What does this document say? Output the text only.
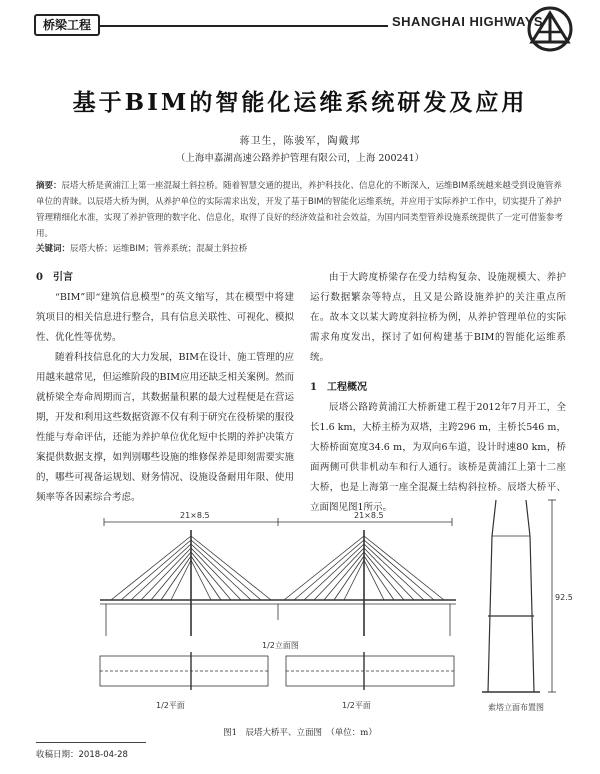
桥梁工程	SHANGHAI HIGHWAYS
基于BIM的智能化运维系统研发及应用
蒋卫生，陈骏军，陶戴邦
（上海申嘉湖高速公路养护管理有限公司，上海 200241）
摘要：辰塔大桥是黄浦江上第一座混凝土斜拉桥。随着智慧交通的提出，养护科技化、信息化的不断深入，运维BIM系统越来越受到设施管养单位的青睐。以辰塔大桥为例，从养护单位的实际需求出发，开发了基于BIM的智能化运维系统，并应用于实际养护工作中，切实提升了养护管理精细化水准，实现了养护管理的数字化、信息化，取得了良好的经济效益和社会效益，为国内同类型管养设施系统提供了一定可借鉴参考用。
关键词：辰塔大桥；运维BIM；管养系统；混凝土斜拉桥
0　引言

“BIM”即“建筑信息模型”的英文缩写，其在模型中将建筑项目的相关信息进行整合，具有信息关联性、可视化、模拟性、优化性等优势。

随着科技信息化的大力发展，BIM在设计、施工管理的应用越来越常见，但运维阶段的BIM应用还缺乏相关案例。然而就桥梁全寿命周期而言，其数据量积累的最大过程便是在营运期，开发和利用这些数据资源不仅有利于研究在役桥梁的服役性能与寿命评估，还能为养护单位优化短中长期的养护决策方案提供数据支撑，如判别哪些设施的维修保养是即刻需要实施的，哪些可视备运规划、财务情况、设施设备耐用年限、使用频率等各因素综合考虑。

由于大跨度桥梁存在受力结构复杂、设施规模大、养护运行数据繁杂等特点，且又是公路设施养护的关注重点所在。故本文以某大跨度斜拉桥为例，从养护管理单位的实际需求角度发出，探讨了如何构建基于BIM的智能化运维系统。

1　工程概况

辰塔公路跨黄浦江大桥新建工程于2012年7月开工，全长1.6 km，大桥主桥为双塔，主跨296 m，主桥长546 m，大桥桥面宽度34.6 m，为双向6车道，设计时速80 km，桥面两侧可供非机动车和行人通行。该桥是黄浦江上第十二座大桥，也是上海第一座全混凝土结构斜拉桥。辰塔大桥平、立面图见图1所示。

21×8.5	21×8.5
1/2立面图
1/2平面	1/2平面	索塔立面布置图
92.5
图1　辰塔大桥平、立面图　（单位：m）
收稿日期：2018-04-28
